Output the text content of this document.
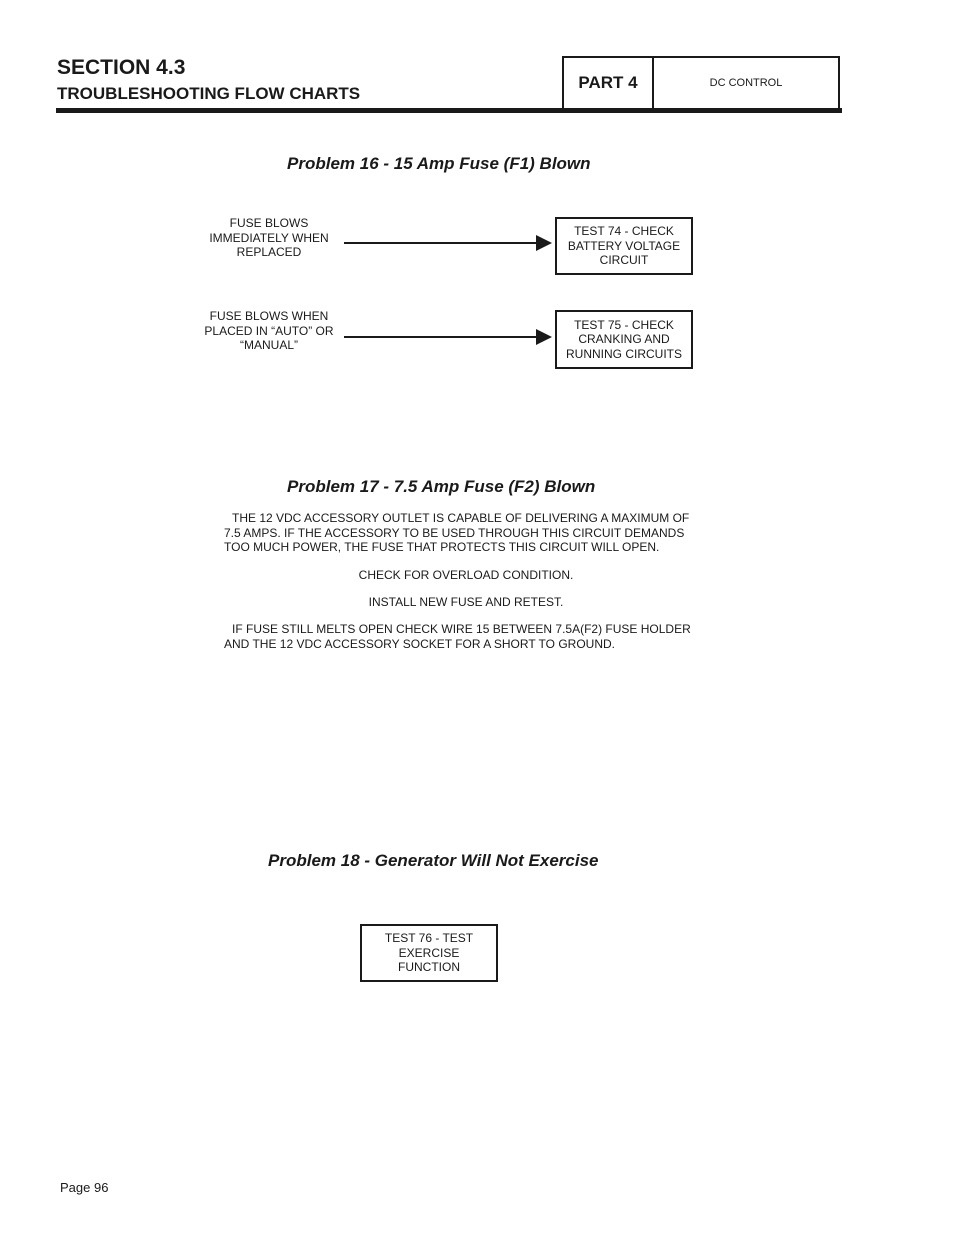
SECTION 4.3
TROUBLESHOOTING FLOW CHARTS
PART 4	DC CONTROL
Problem 16 - 15 Amp Fuse (F1) Blown
FUSE BLOWS
IMMEDIATELY WHEN
REPLACED
TEST 74 - CHECK
BATTERY VOLTAGE
CIRCUIT
FUSE BLOWS WHEN
PLACED IN “AUTO” OR
“MANUAL”
TEST 75 - CHECK
CRANKING AND
RUNNING CIRCUITS
Problem 17 - 7.5 Amp Fuse (F2) Blown
THE 12 VDC ACCESSORY OUTLET IS CAPABLE OF DELIVERING A MAXIMUM OF
7.5 AMPS. IF THE ACCESSORY TO BE USED THROUGH THIS CIRCUIT DEMANDS
TOO MUCH POWER, THE FUSE THAT PROTECTS THIS CIRCUIT WILL OPEN.
CHECK FOR OVERLOAD CONDITION.
INSTALL NEW FUSE AND RETEST.
IF FUSE STILL MELTS OPEN CHECK WIRE 15 BETWEEN 7.5A(F2) FUSE HOLDER
AND THE 12 VDC ACCESSORY SOCKET FOR A SHORT TO GROUND.
Problem 18 - Generator Will Not Exercise
TEST 76 - TEST
EXERCISE
FUNCTION
Page 96
